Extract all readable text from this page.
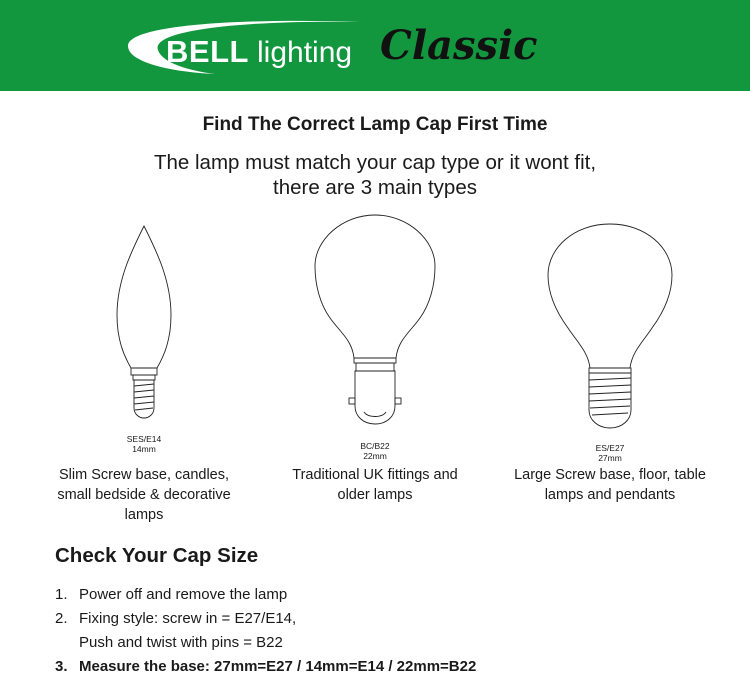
BELL lighting Classic
Find The Correct Lamp Cap First Time
The lamp must match your cap type or it wont fit,
there are 3 main types
SES/E14
14mm	BC/B22
22mm
ES/E27
27mm
Slim Screw base, candles,
small bedside & decorative
lamps
Traditional UK fittings and
older lamps
Large Screw base, floor, table
lamps and pendants
Check Your Cap Size
1. Power off and remove the lamp
2. Fixing style: screw in = E27/E14,
Push and twist with pins = B22
3. Measure the base: 27mm=E27 / 14mm=E14 / 22mm=B22
